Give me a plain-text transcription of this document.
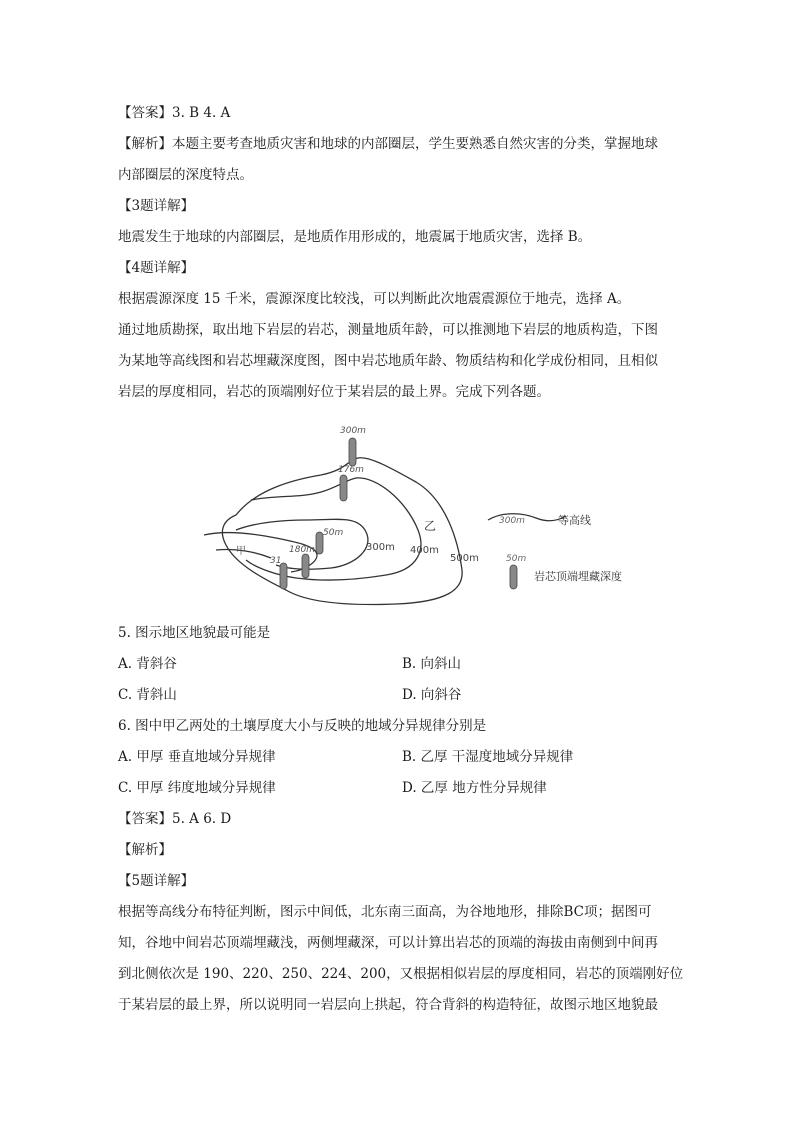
【答案】3. B 4. A
【解析】本题主要考查地质灾害和地球的内部圈层，学生要熟悉自然灾害的分类，掌握地球
内部圈层的深度特点。
【3题详解】
地震发生于地球的内部圈层，是地质作用形成的，地震属于地质灾害，选择 B。
【4题详解】
根据震源深度 15 千米，震源深度比较浅，可以判断此次地震震源位于地壳，选择 A。
通过地质勘探，取出地下岩层的岩芯，测量地质年龄，可以推测地下岩层的地质构造，下图
为某地等高线图和岩芯埋藏深度图，图中岩芯地质年龄、物质结构和化学成份相同，且相似
岩层的厚度相同，岩芯的顶端刚好位于某岩层的最上界。完成下列各题。
300m
176m
50m
180m
31
300m 400m
500m
乙
甲
300m	等高线
50m
岩芯顶端埋藏深度
5. 图示地区地貌最可能是
A. 背斜谷	B. 向斜山
C. 背斜山	D. 向斜谷
6. 图中甲乙两处的土壤厚度大小与反映的地域分异规律分别是
A. 甲厚 垂直地域分异规律	B. 乙厚 干湿度地域分异规律
C. 甲厚 纬度地域分异规律	D. 乙厚 地方性分异规律
【答案】5. A 6. D
【解析】
【5题详解】
根据等高线分布特征判断，图示中间低，北东南三面高，为谷地地形，排除BC项；据图可
知，谷地中间岩芯顶端埋藏浅，两侧埋藏深，可以计算出岩芯的顶端的海拔由南侧到中间再
到北侧依次是 190、220、250、224、200，又根据相似岩层的厚度相同，岩芯的顶端刚好位
于某岩层的最上界，所以说明同一岩层向上拱起，符合背斜的构造特征，故图示地区地貌最
